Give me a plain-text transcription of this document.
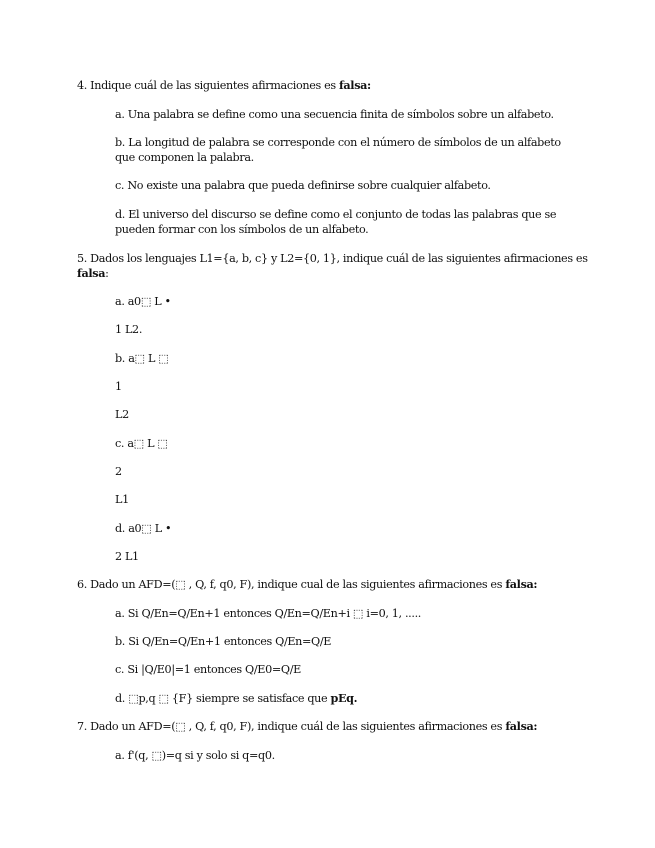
4. Indique cuál de las siguientes afirmaciones es falsa:
a. Una palabra se define como una secuencia finita de símbolos sobre un alfabeto.
b. La longitud de palabra se corresponde con el número de símbolos de un alfabeto
que componen la palabra.
c. No existe una palabra que pueda definirse sobre cualquier alfabeto.
d. El universo del discurso se define como el conjunto de todas las palabras que se
pueden formar con los símbolos de un alfabeto.
5. Dados los lenguajes L1={a, b, c} y L2={0, 1}, indique cuál de las siguientes afirmaciones es
falsa:
a. a0⬚ L •
1 L2.
b. a⬚ L ⬚
1
L2
c. a⬚ L ⬚
2
L1
d. a0⬚ L •
2 L1
6. Dado un AFD=(⬚ , Q, f, q0, F), indique cual de las siguientes afirmaciones es falsa:
a. Si Q/En=Q/En+1 entonces Q/En=Q/En+i ⬚ i=0, 1, .....
b. Si Q/En=Q/En+1 entonces Q/En=Q/E
c. Si |Q/E0|=1 entonces Q/E0=Q/E
d. ⬚p,q ⬚ {F} siempre se satisface que pEq.
7. Dado un AFD=(⬚ , Q, f, q0, F), indique cuál de las siguientes afirmaciones es falsa:
a. f'(q, ⬚)=q si y solo si q=q0.
